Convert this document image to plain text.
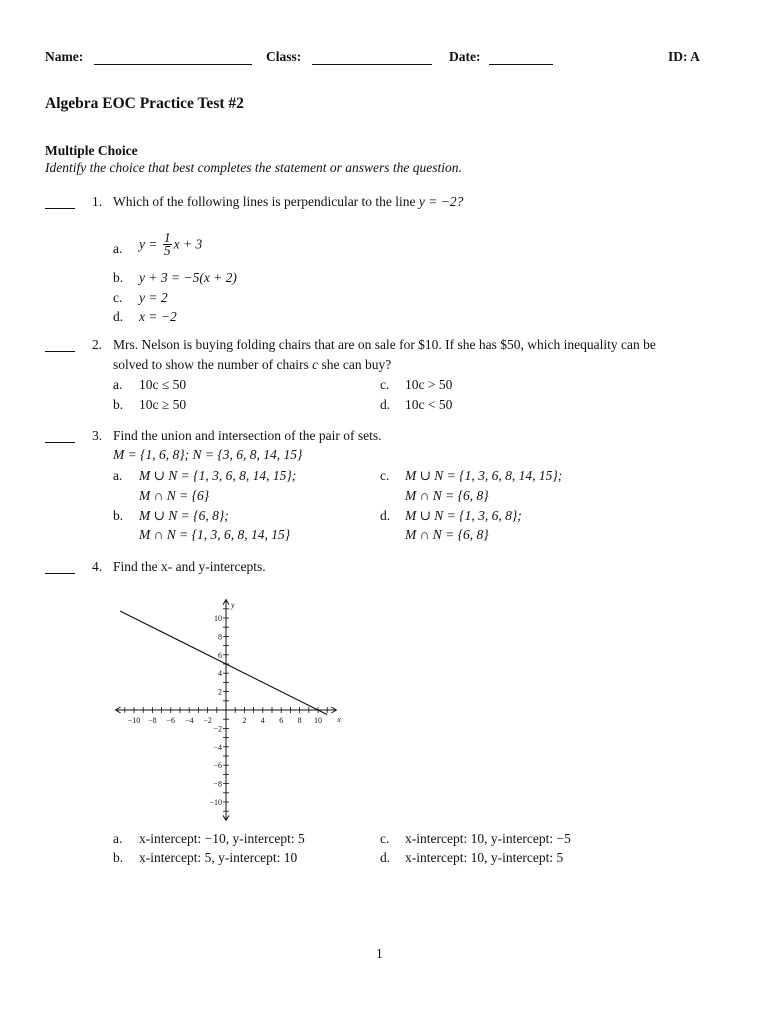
Name:	Class:	Date:	ID: A
Algebra EOC Practice Test #2
Multiple Choice
Identify the choice that best completes the statement or answers the question.
1. Which of the following lines is perpendicular to the line y = −2?
a. $y = \frac{1}{5}$ x + 3
b. y + 3 = −5(x + 2)
c. y = 2
d. x = −2
2. Mrs. Nelson is buying folding chairs that are on sale for $10. If she has $50, which inequality can be
solved to show the number of chairs c she can buy?
a. 10c ≤ 50
b. 10c ≥ 50
c. 10c > 50
d. 10c < 50
3. Find the union and intersection of the pair of sets.
M = {1, 6, 8}; N = {3, 6, 8, 14, 15}
a. M ∪ N = {1, 3, 6, 8, 14, 15};
M ∩ N = {6}
b. M ∪ N = {6, 8};
M ∩ N = {1, 3, 6, 8, 14, 15}
c. M ∪ N = {1, 3, 6, 8, 14, 15};
M ∩ N = {6, 8}
d. M ∪ N = {1, 3, 6, 8};
M ∩ N = {6, 8}
4. Find the x- and y-intercepts.
−10 −8 −6 −4 −2	2 4 6 8 10
10
8
6
4
2
−2
−4
−6
−8
−10
x
y
a. x-intercept: −10, y-intercept: 5
b. x-intercept: 5, y-intercept: 10
c. x-intercept: 10, y-intercept: −5
d. x-intercept: 10, y-intercept: 5
1
